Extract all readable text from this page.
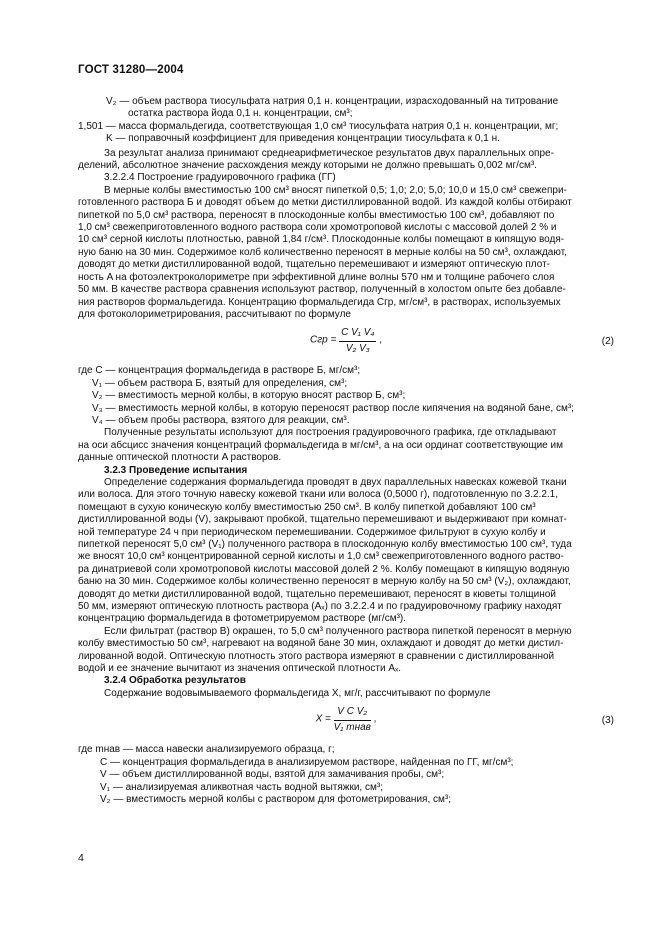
ГОСТ 31280—2004

V₂ — объем раствора тиосульфата натрия 0,1 н. концентрации, израсходованный на титрование
остатка раствора йода 0,1 н. концентрации, см³;

1,501 — масса формальдегида, соответствующая 1,0 см³ тиосульфата натрия 0,1 н. концентрации, мг;

K — поправочный коэффициент для приведения концентрации тиосульфата к 0,1 н.

За результат анализа принимают среднеарифметическое результатов двух параллельных опре-
делений, абсолютное значение расхождения между которыми не должно превышать 0,002 мг/см³.

3.2.2.4 Построение градуировочного графика (ГГ)

В мерные колбы вместимостью 100 см³ вносят пипеткой 0,5; 1,0; 2,0; 5,0; 10,0 и 15,0 см³ свежепри-
готовленного раствора Б и доводят объем до метки дистиллированной водой. Из каждой колбы отбирают
пипеткой по 5,0 см³ раствора, переносят в плоскодонные колбы вместимостью 100 см³, добавляют по
1,0 см³ свежеприготовленного водного раствора соли хромотроповой кислоты с массовой долей 2 % и
10 см³ серной кислоты плотностью, равной 1,84 г/см³. Плоскодонные колбы помещают в кипящую водя-
ную баню на 30 мин. Содержимое колб количественно переносят в мерные колбы на 50 см³, охлаждают,
доводят до метки дистиллированной водой, тщательно перемешивают и измеряют оптическую плот-
ность A на фотоэлектроколориметре при эффективной длине волны 570 нм и толщине рабочего слоя
50 мм. В качестве раствора сравнения используют раствор, полученный в холостом опыте без добавле-
ния растворов формальдегида. Концентрацию формальдегида Cгр, мг/см³, в растворах, используемых
для фотоколориметрирования, рассчитывают по формуле

Cгр = $\frac{\text{C V₁ V₄}}{\text{V₂ V₃}}$ ,	(2)

где C — концентрация формальдегида в растворе Б, мг/см³;

V₁ — объем раствора Б, взятый для определения, см³;

V₂ — вместимость мерной колбы, в которую вносят раствор Б, см³;

V₃ — вместимость мерной колбы, в которую переносят раствор после кипячения на водяной бане, см³;

V₄ — объем пробы раствора, взятого для реакции, см³.

Полученные результаты используют для построения градуировочного графика, где откладывают
на оси абсцисс значения концентраций формальдегида в мг/см³, а на оси ординат соответствующие им
данные оптической плотности A растворов.

3.2.3 Проведение испытания

Определение содержания формальдегида проводят в двух параллельных навесках кожевой ткани
или волоса. Для этого точную навеску кожевой ткани или волоса (0,5000 г), подготовленную по 3.2.2.1,
помещают в сухую коническую колбу вместимостью 250 см³. В колбу пипеткой добавляют 100 см³
дистиллированной воды (V), закрывают пробкой, тщательно перемешивают и выдерживают при комнат-
ной температуре 24 ч при периодическом перемешивании. Содержимое фильтруют в сухую колбу и
пипеткой переносят 5,0 см³ (V₁) полученного раствора в плоскодонную колбу вместимостью 100 см³, туда
же вносят 10,0 см³ концентрированной серной кислоты и 1,0 см³ свежеприготовленного водного раство-
ра динатриевой соли хромотроповой кислоты массовой долей 2 %. Колбу помещают в кипящую водяную
баню на 30 мин. Содержимое колбы количественно переносят в мерную колбу на 50 см³ (V₂), охлаждают,
доводят до метки дистиллированной водой, тщательно перемешивают, переносят в кюветы толщиной
50 мм, измеряют оптическую плотность раствора (Aₓ) по 3.2.2.4 и по градуировочному графику находят
концентрацию формальдегида в фотометрируемом растворе (мг/см³).

Если фильтрат (раствор В) окрашен, то 5,0 см³ полученного раствора пипеткой переносят в мерную
колбу вместимостью 50 см³, нагревают на водяной бане 30 мин, охлаждают и доводят до метки дистил-
лированной водой. Оптическую плотность этого раствора измеряют в сравнении с дистиллированной
водой и ее значение вычитают из значения оптической плотности Aₓ.

3.2.4 Обработка результатов

Содержание водовымываемого формальдегида X, мг/г, рассчитывают по формуле

$X = \frac{\text{V C V₂}}{\text{V₁ mнав}}$ ,	(3)

где mнав — масса навески анализируемого образца, г;

C — концентрация формальдегида в анализируемом растворе, найденная по ГГ, мг/см³;

V — объем дистиллированной воды, взятой для замачивания пробы, см³;

V₁ — анализируемая аликвотная часть водной вытяжки, см³;

V₂ — вместимость мерной колбы с раствором для фотометрирования, см³;

4
